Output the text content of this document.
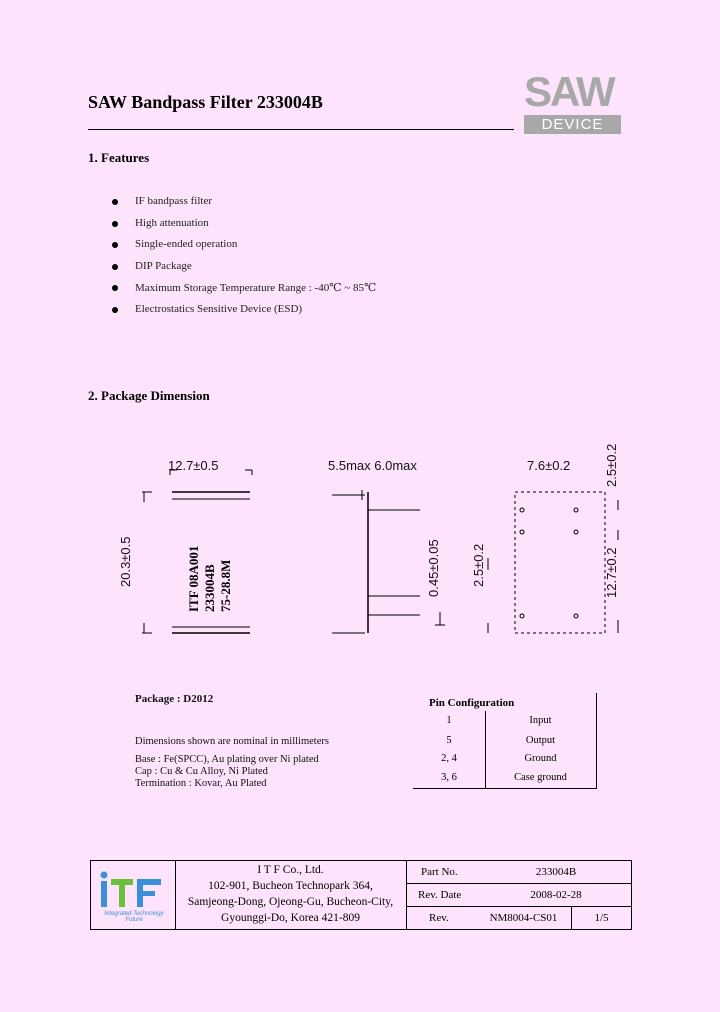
SAW Bandpass Filter 233004B	SAW
DEVICE
1. Features
IF bandpass filter
High attenuation
Single-ended operation
DIP Package
Maximum Storage Temperature Range : -40℃ ~ 85℃
Electrostatics Sensitive Device (ESD)
2. Package Dimension
12.7±0.5	5.5max 6.0max	7.6±0.2
20.3±0.5	0.45±0.05 2.5±0.2
2.5±0.2
12.7±0.2
ITF 08A001 233004B 75-28.8M
Package : D2012
Dimensions shown are nominal in millimeters
Base : Fe(SPCC), Au plating over Ni plated
Cap : Cu & Cu Alloy, Ni Plated
Termination : Kovar, Au Plated
Pin Configuration
1	Input
5	Output
2, 4	Ground
3, 6	Case ground
Integrated Technology Future
I T F Co., Ltd.
102-901, Bucheon Technopark 364,
Samjeong-Dong, Ojeong-Gu, Bucheon-City,
Gyounggi-Do, Korea 421-809
Part No.	233004B
Rev. Date	2008-02-28
Rev.	NM8004-CS01	1/5
